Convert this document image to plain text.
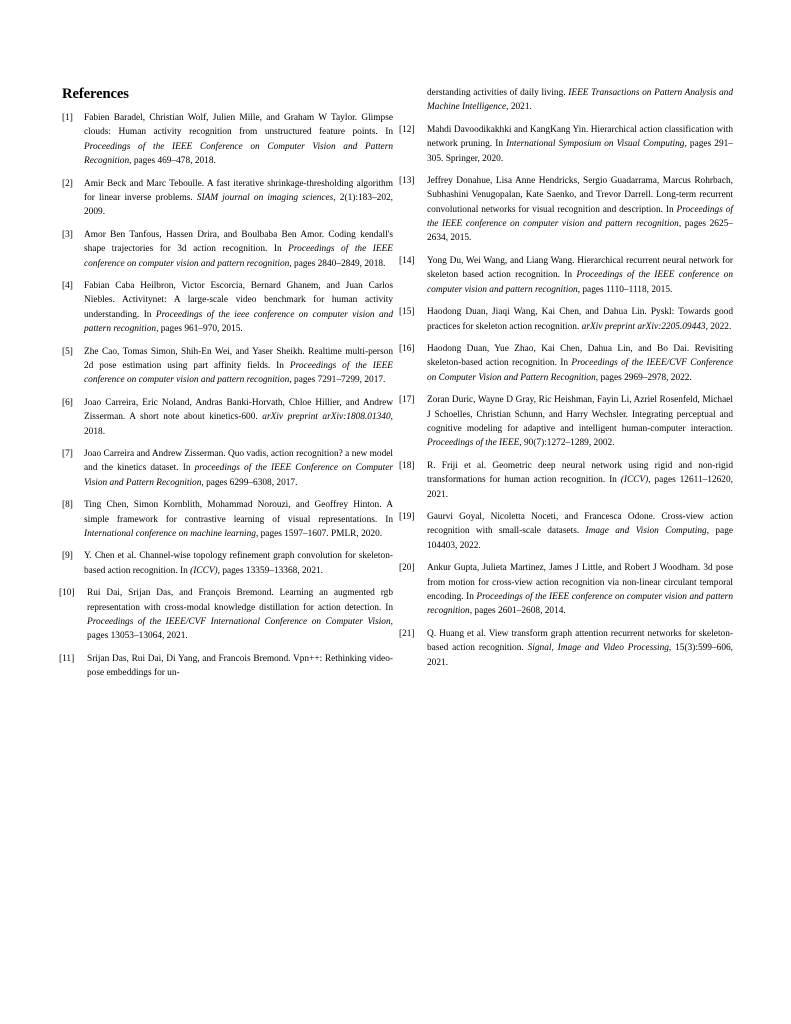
References
[1]	Fabien Baradel, Christian Wolf, Julien Mille, and Graham W Taylor. Glimpse clouds: Human activity recognition from unstructured feature points. In Proceedings of the IEEE Conference on Computer Vision and Pattern Recognition, pages 469–478, 2018.
[2]	Amir Beck and Marc Teboulle. A fast iterative shrinkage-thresholding algorithm for linear inverse problems. SIAM journal on imaging sciences, 2(1):183–202, 2009.
[3]	Amor Ben Tanfous, Hassen Drira, and Boulbaba Ben Amor. Coding kendall's shape trajectories for 3d action recognition. In Proceedings of the IEEE conference on computer vision and pattern recognition, pages 2840–2849, 2018.
[4]	Fabian Caba Heilbron, Victor Escorcia, Bernard Ghanem, and Juan Carlos Niebles. Activitynet: A large-scale video benchmark for human activity understanding. In Proceedings of the ieee conference on computer vision and pattern recognition, pages 961–970, 2015.
[5]	Zhe Cao, Tomas Simon, Shih-En Wei, and Yaser Sheikh. Realtime multi-person 2d pose estimation using part affinity fields. In Proceedings of the IEEE conference on computer vision and pattern recognition, pages 7291–7299, 2017.
[6]	Joao Carreira, Eric Noland, Andras Banki-Horvath, Chloe Hillier, and Andrew Zisserman. A short note about kinetics-600. arXiv preprint arXiv:1808.01340, 2018.
[7]	Joao Carreira and Andrew Zisserman. Quo vadis, action recognition? a new model and the kinetics dataset. In proceedings of the IEEE Conference on Computer Vision and Pattern Recognition, pages 6299–6308, 2017.
[8]	Ting Chen, Simon Kornblith, Mohammad Norouzi, and Geoffrey Hinton. A simple framework for contrastive learning of visual representations. In International conference on machine learning, pages 1597–1607. PMLR, 2020.
[9]	Y. Chen et al. Channel-wise topology refinement graph convolution for skeleton-based action recognition. In (ICCV), pages 13359–13368, 2021.
[10]	Rui Dai, Srijan Das, and François Bremond. Learning an augmented rgb representation with cross-modal knowledge distillation for action detection. In Proceedings of the IEEE/CVF International Conference on Computer Vision, pages 13053–13064, 2021.
[11]	Srijan Das, Rui Dai, Di Yang, and Francois Bremond. Vpn++: Rethinking video-pose embeddings for un-

derstanding activities of daily living. IEEE Transactions on Pattern Analysis and Machine Intelligence, 2021.

[12]	Mahdi Davoodikakhki and KangKang Yin. Hierarchical action classification with network pruning. In International Symposium on Visual Computing, pages 291–305. Springer, 2020.
[13]	Jeffrey Donahue, Lisa Anne Hendricks, Sergio Guadarrama, Marcus Rohrbach, Subhashini Venugopalan, Kate Saenko, and Trevor Darrell. Long-term recurrent convolutional networks for visual recognition and description. In Proceedings of the IEEE conference on computer vision and pattern recognition, pages 2625–2634, 2015.
[14]	Yong Du, Wei Wang, and Liang Wang. Hierarchical recurrent neural network for skeleton based action recognition. In Proceedings of the IEEE conference on computer vision and pattern recognition, pages 1110–1118, 2015.
[15]	Haodong Duan, Jiaqi Wang, Kai Chen, and Dahua Lin. Pyskl: Towards good practices for skeleton action recognition. arXiv preprint arXiv:2205.09443, 2022.
[16]	Haodong Duan, Yue Zhao, Kai Chen, Dahua Lin, and Bo Dai. Revisiting skeleton-based action recognition. In Proceedings of the IEEE/CVF Conference on Computer Vision and Pattern Recognition, pages 2969–2978, 2022.
[17]	Zoran Duric, Wayne D Gray, Ric Heishman, Fayin Li, Azriel Rosenfeld, Michael J Schoelles, Christian Schunn, and Harry Wechsler. Integrating perceptual and cognitive modeling for adaptive and intelligent human-computer interaction. Proceedings of the IEEE, 90(7):1272–1289, 2002.
[18]	R. Friji et al. Geometric deep neural network using rigid and non-rigid transformations for human action recognition. In (ICCV), pages 12611–12620, 2021.
[19]	Gaurvi Goyal, Nicoletta Noceti, and Francesca Odone. Cross-view action recognition with small-scale datasets. Image and Vision Computing, page 104403, 2022.
[20]	Ankur Gupta, Julieta Martinez, James J Little, and Robert J Woodham. 3d pose from motion for cross-view action recognition via non-linear circulant temporal encoding. In Proceedings of the IEEE conference on computer vision and pattern recognition, pages 2601–2608, 2014.
[21]	Q. Huang et al. View transform graph attention recurrent networks for skeleton-based action recognition. Signal, Image and Video Processing, 15(3):599–606, 2021.
